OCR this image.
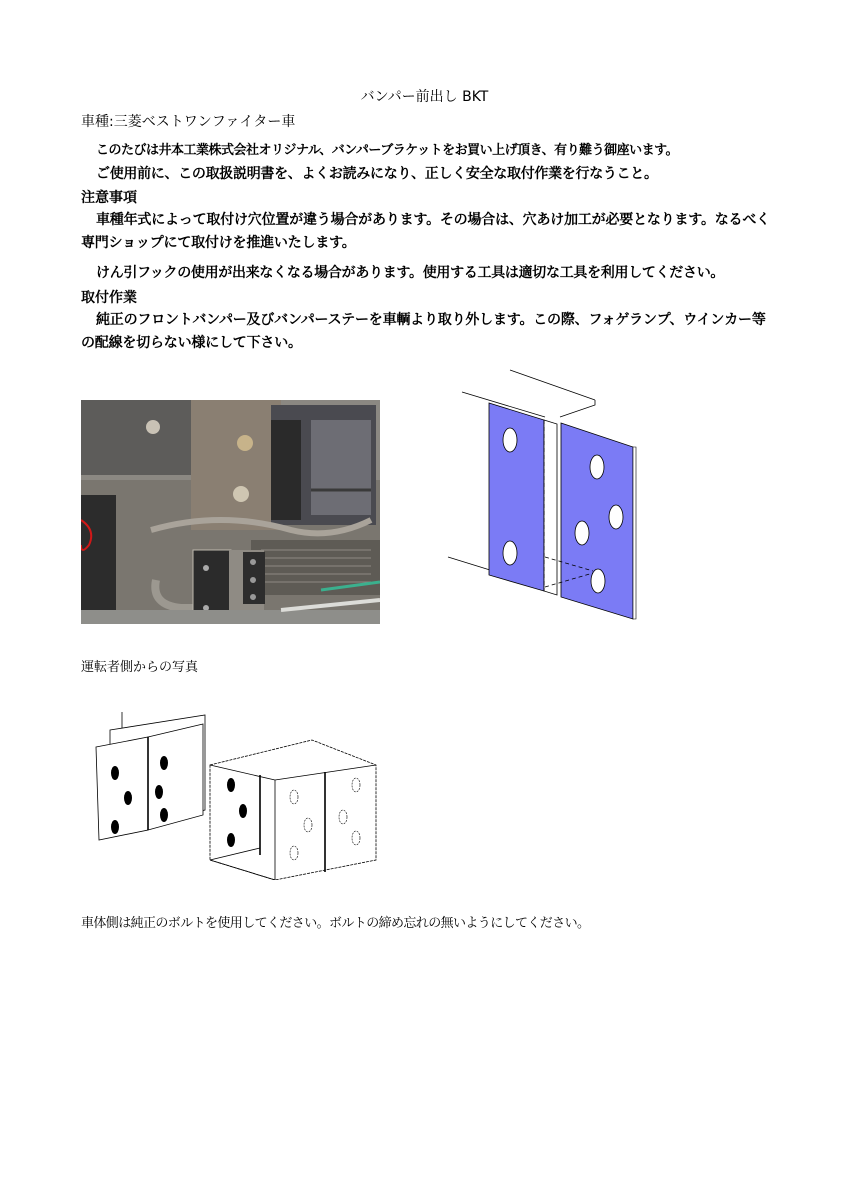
バンパー前出し BKT
車種:三菱ベストワンファイター車
このたびは井本工業株式会社オリジナル、バンパーブラケットをお買い上げ頂き、有り難う御座います。
ご使用前に、この取扱説明書を、よくお読みになり、正しく安全な取付作業を行なうこと。
注意事項
車種年式によって取付け穴位置が違う場合があります。その場合は、穴あけ加工が必要となります。なるべく専門ショップにて取付けを推進いたします。
けん引フックの使用が出来なくなる場合があります。使用する工具は適切な工具を利用してください。
取付作業
純正のフロントバンパー及びバンパーステーを車輌より取り外します。この際、フォゲランプ、ウインカー等の配線を切らない様にして下さい。
運転者側からの写真
車体側は純正のボルトを使用してください。ボルトの締め忘れの無いようにしてください。
